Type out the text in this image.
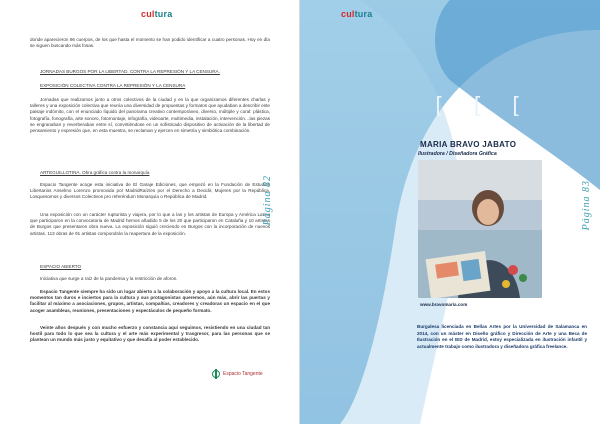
cultura
donde aparecieron 96 cuerpos, de los que hasta el momento se han podido identificar a cuatro personas. Hoy en día se siguen buscando más fosas.
JORNADAS BURGOS POR LA LIBERTAD. CONTRA LA REPRESIÓN Y LA CENSURA.
EXPOSICIÓN COLECTIVA CONTRA LA REPRESIÓN Y LA CENSURA
Jornadas que realizamos junto a otros colectivos de la ciudad y en la que organizamos diferentes charlas y talleres y una exposición colectiva que reunía una diversidad de propuestas y formatos que ayudaban a describir este paisaje indómito, con el enunciado líquido del panorama creativo contemporáneo, diverso, múltiple y coral: plástica, fotografía, fonografía, arte sonoro, fotomontaje, infografía, videoarte, multimedia, instalación, intervención…las piezas se engranaban y reverberaban entre sí, convirtiéndose en un sofisticado dispositivo de activación de la libertad de pensamiento y expresión que, en esta muestra, se reclaman y ejercen en simetría y simbiótica combinación.
ARTEGUILLOTINA. Obra gráfica contra la monarquía
Espacio Tangente acoge esta iniciativa de El Garaje Ediciones, que empezó en la Fundación de Estudios Libertarios Anselmo Lorenzo promovida por MadridRaíz/es por el Derecho a Decidir, Mujeres por la República, Losquesomos y diversos Colectivos pro referéndum Monarquía o República de Madrid.
Una exposición con un carácter rupturista y viajera, por lo que a las y los artistas de Europa y América Latina que participaron en la convocatoria de Madrid hemos añadido 5 de los 20 que participaron en Cataluña y 10 artistas de Burgos que presentaron obra nueva. La exposición siguió creciendo en Burgos con la incorporación de nuevos artistas. 113 obras de 91 artistas compondrán la reapertura de la exposición.
ESPACIO ABIERTO
Iniciativa que surge a raíz de la pandemia y la restricción de aforos.
Espacio Tangente siempre ha sido un lugar abierto a la colaboración y apoyo a la cultura local. En estos momentos tan duros e inciertos para la cultura y sus protagonistas queremos, aún más, abrir las puertas y facilitar al máximo a asociaciones, grupos, artistas, compañías, creadores y creadoras un espacio en el que acoger asambleas, reuniones, presentaciones y espectáculos de pequeño formato.
Veinte años después y con mucho esfuerzo y constancia aquí seguimos, resistiendo en una ciudad tan hostil para todo lo que sea la cultura y el arte más experimental y trasgresor, para las personas que se plantean un mundo más justo y equitativo y que desafía al poder establecido.
Página 82
Espacio Tangente
cultura
[ [ [
MARIA BRAVO JABATO
Ilustradora / Diseñadora Gráfica
www.bravomaría.com
Burgalesa licenciada en Bellas Artes por la Universidad de Salamanca en 2014, con un máster en Diseño gráfico y Dirección de Arte y una Beca de Ilustración en el IED de Madrid, estoy especializada en ilustración infantil y actualmente trabajo como ilustradora y diseñadora gráfica freelance.
Página 83
